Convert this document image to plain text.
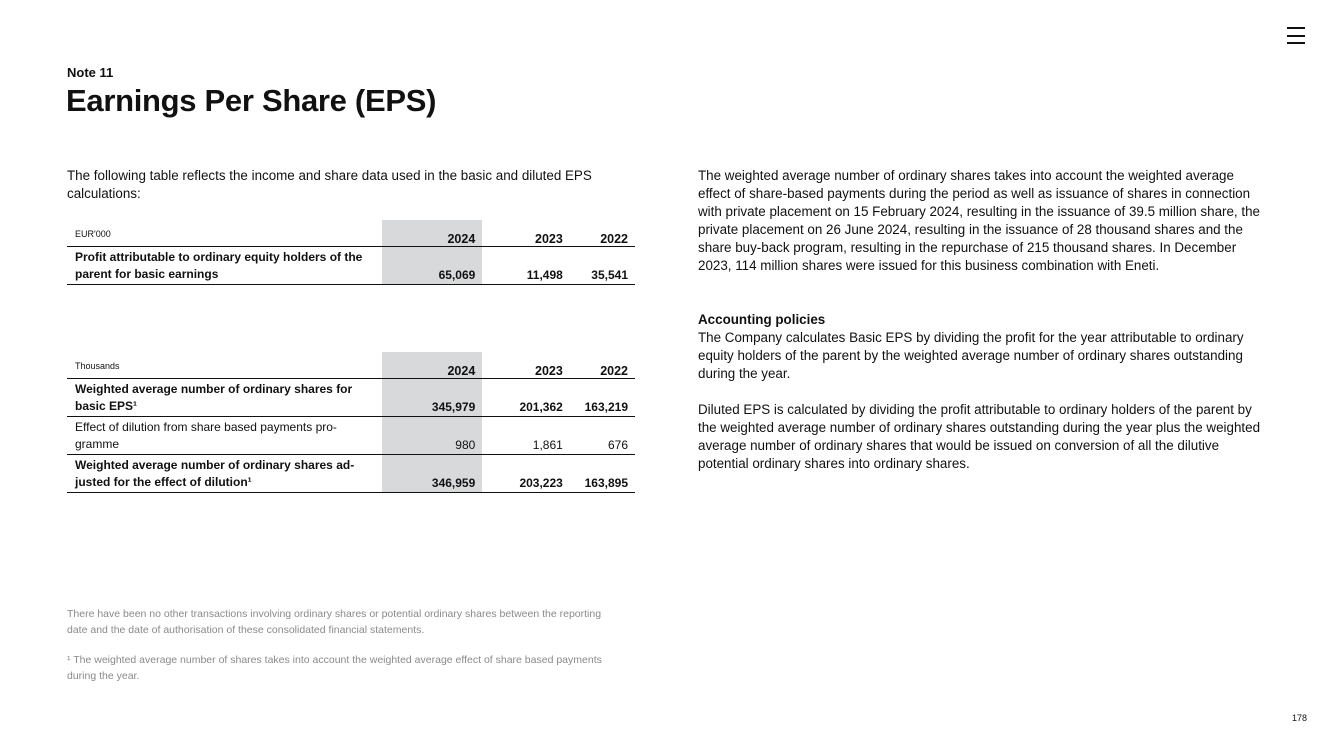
Note 11
Earnings Per Share (EPS)

The following table reflects the income and share data used in the basic and diluted EPS calculations:

EUR'000	2024	2023	2022
Profit attributable to ordinary equity holders of the parent for basic earnings	65,069	11,498	35,541
Thousands	2024	2023	2022
Weighted average number of ordinary shares for basic EPS¹	345,979	201,362	163,219
Effect of dilution from share based payments programme	980	1,861	676
Weighted average number of ordinary shares adjusted for the effect of dilution¹	346,959	203,223	163,895

There have been no other transactions involving ordinary shares or potential ordinary shares between the reporting date and the date of authorisation of these consolidated financial statements.

¹ The weighted average number of shares takes into account the weighted average effect of share based payments during the year.

The weighted average number of ordinary shares takes into account the weighted average effect of share-based payments during the period as well as issuance of shares in connection with private placement on 15 February 2024, resulting in the issuance of 39.5 million share, the private placement on 26 June 2024, resulting in the issuance of 28 thousand shares and the share buy-back program, resulting in the repurchase of 215 thousand shares. In December 2023, 114 million shares were issued for this business combination with Eneti.

Accounting policies

The Company calculates Basic EPS by dividing the profit for the year attributable to ordinary equity holders of the parent by the weighted average number of ordinary shares outstanding during the year.

Diluted EPS is calculated by dividing the profit attributable to ordinary holders of the parent by the weighted average number of ordinary shares outstanding during the year plus the weighted average number of ordinary shares that would be issued on conversion of all the dilutive potential ordinary shares into ordinary shares.

178
